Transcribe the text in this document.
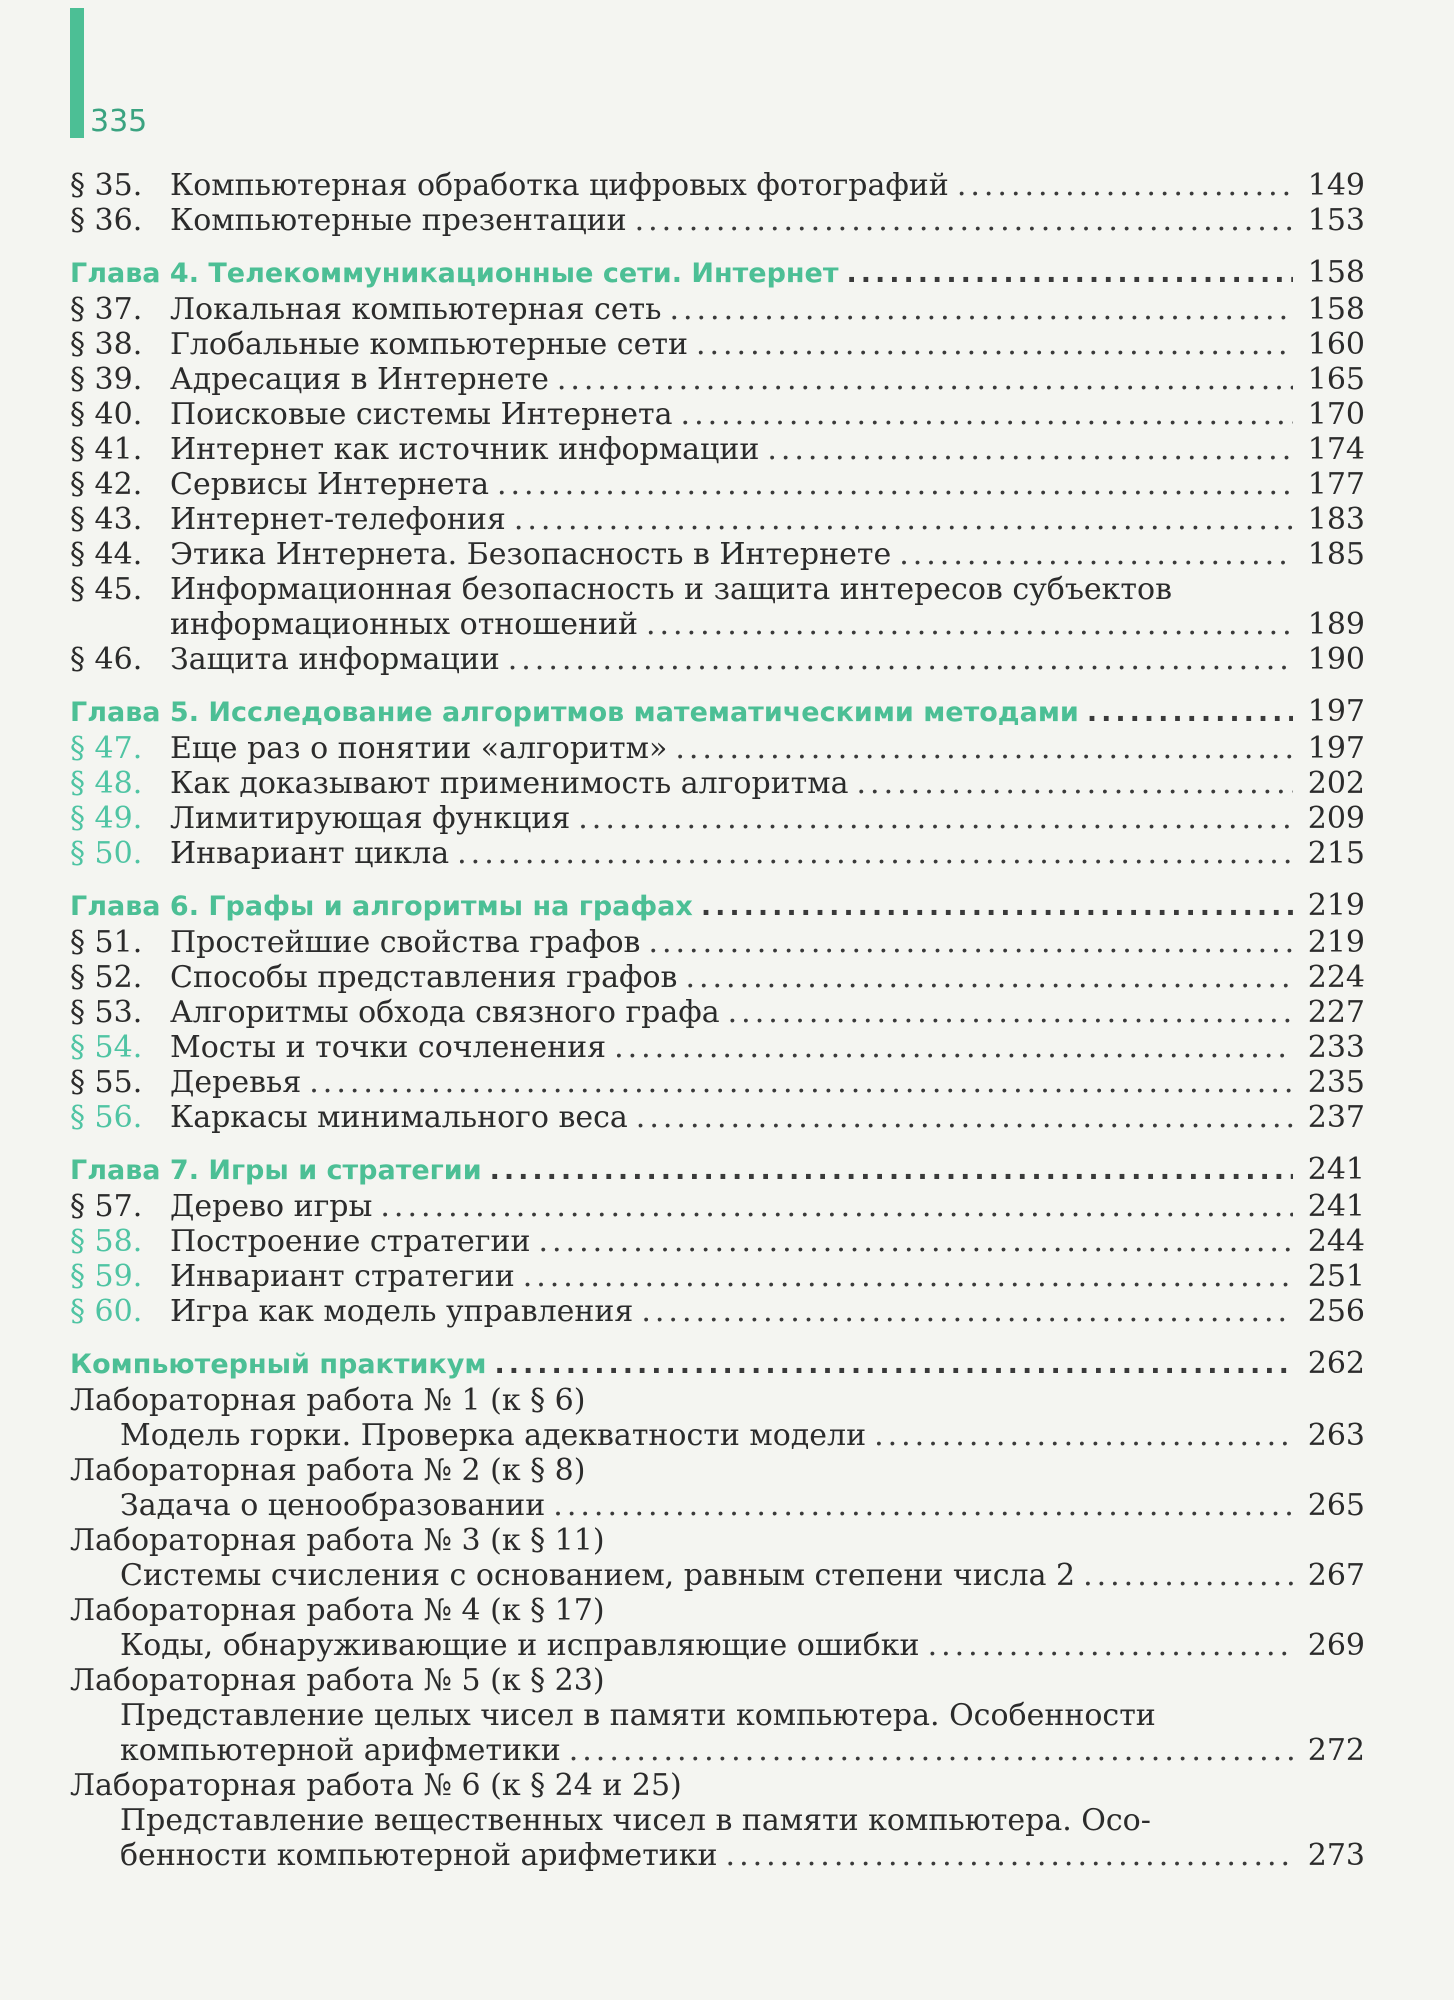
335
§ 35. Компьютерная обработка цифровых фотографий .....	149
§ 36. Компьютерные презентации .....	153
Глава 4. Телекоммуникационные сети. Интернет .....	158
§ 37. Локальная компьютерная сеть .....	158
§ 38. Глобальные компьютерные сети .....	160
§ 39. Адресация в Интернете .....	165
§ 40. Поисковые системы Интернета .....	170
§ 41. Интернет как источник информации .....	174
§ 42. Сервисы Интернета .....	177
§ 43. Интернет-телефония .....	183
§ 44. Этика Интернета. Безопасность в Интернете .....	185
§ 45. Информационная безопасность и защита интересов субъектов
информационных отношений .....	189
§ 46. Защита информации .....	190
Глава 5. Исследование алгоритмов математическими методами .....	197
§ 47. Еще раз о понятии «алгоритм» .....	197
§ 48. Как доказывают применимость алгоритма .....	202
§ 49. Лимитирующая функция .....	209
§ 50. Инвариант цикла .....	215
Глава 6. Графы и алгоритмы на графах .....	219
§ 51. Простейшие свойства графов .....	219
§ 52. Способы представления графов .....	224
§ 53. Алгоритмы обхода связного графа .....	227
§ 54. Мосты и точки сочленения .....	233
§ 55. Деревья .....	235
§ 56. Каркасы минимального веса .....	237
Глава 7. Игры и стратегии .....	241
§ 57. Дерево игры .....	241
§ 58. Построение стратегии .....	244
§ 59. Инвариант стратегии .....	251
§ 60. Игра как модель управления .....	256
Компьютерный практикум .....	262
Лабораторная работа № 1 (к § 6)
Модель горки. Проверка адекватности модели .....	263
Лабораторная работа № 2 (к § 8)
Задача о ценообразовании .....	265
Лабораторная работа № 3 (к § 11)
Системы счисления с основанием, равным степени числа 2 .....	267
Лабораторная работа № 4 (к § 17)
Коды, обнаруживающие и исправляющие ошибки .....	269
Лабораторная работа № 5 (к § 23)
Представление целых чисел в памяти компьютера. Особенности
компьютерной арифметики .....	272
Лабораторная работа № 6 (к § 24 и 25)
Представление вещественных чисел в памяти компьютера. Осо-
бенности компьютерной арифметики .....	273
